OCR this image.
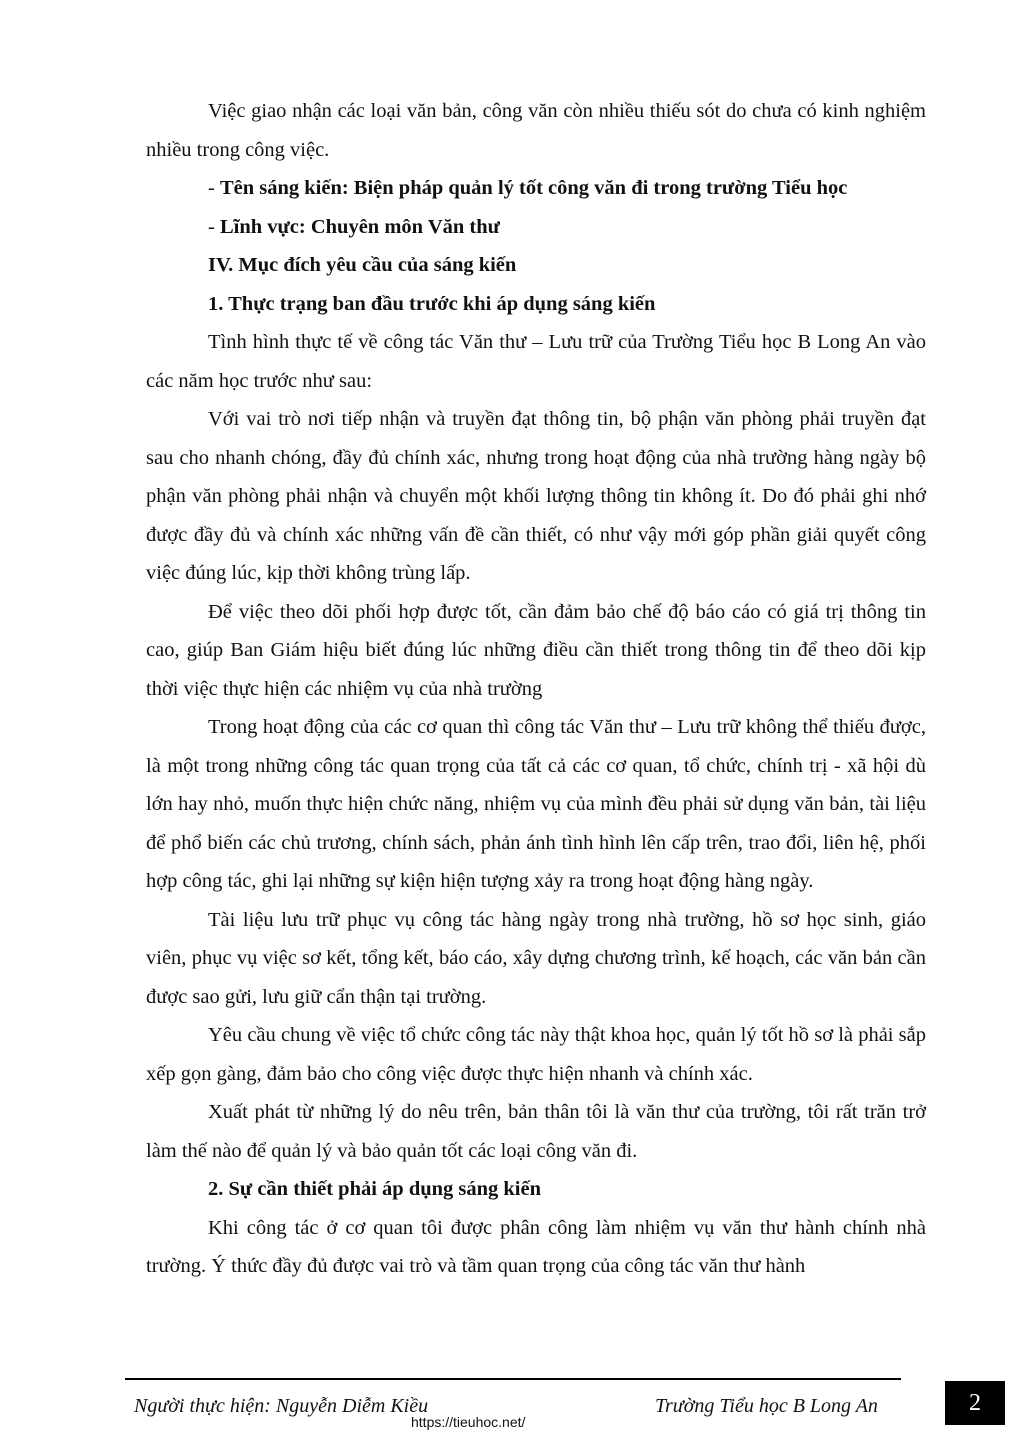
Việc giao nhận các loại văn bản, công văn còn nhiều thiếu sót do chưa có kinh nghiệm nhiều trong công việc.

- Tên sáng kiến: Biện pháp quản lý tốt công văn đi trong trường Tiểu học

- Lĩnh vực: Chuyên môn Văn thư

IV. Mục đích yêu cầu của sáng kiến

1. Thực trạng ban đầu trước khi áp dụng sáng kiến

Tình hình thực tế về công tác Văn thư – Lưu trữ của Trường Tiểu học B Long An vào các năm học trước như sau:

Với vai trò nơi tiếp nhận và truyền đạt thông tin, bộ phận văn phòng phải truyền đạt sau cho nhanh chóng, đầy đủ chính xác, nhưng trong hoạt động của nhà trường hàng ngày bộ phận văn phòng phải nhận và chuyển một khối lượng thông tin không ít. Do đó phải ghi nhớ được đầy đủ và chính xác những vấn đề cần thiết, có như vậy mới góp phần giải quyết công việc đúng lúc, kịp thời không trùng lấp.

Để việc theo dõi phối hợp được tốt, cần đảm bảo chế độ báo cáo có giá trị thông tin cao, giúp Ban Giám hiệu biết đúng lúc những điều cần thiết trong thông tin để theo dõi kịp thời việc thực hiện các nhiệm vụ của nhà trường

Trong hoạt động của các cơ quan thì công tác Văn thư – Lưu trữ không thể thiếu được, là một trong những công tác quan trọng của tất cả các cơ quan, tổ chức, chính trị - xã hội dù lớn hay nhỏ, muốn thực hiện chức năng, nhiệm vụ của mình đều phải sử dụng văn bản, tài liệu để phổ biến các chủ trương, chính sách, phản ánh tình hình lên cấp trên, trao đổi, liên hệ, phối hợp công tác, ghi lại những sự kiện hiện tượng xảy ra trong hoạt động hàng ngày.

Tài liệu lưu trữ phục vụ công tác hàng ngày trong nhà trường, hồ sơ học sinh, giáo viên, phục vụ việc sơ kết, tổng kết, báo cáo, xây dựng chương trình, kế hoạch, các văn bản cần được sao gửi, lưu giữ cẩn thận tại trường.

Yêu cầu chung về việc tổ chức công tác này thật khoa học, quản lý tốt hồ sơ là phải sắp xếp gọn gàng, đảm bảo cho công việc được thực hiện nhanh và chính xác.

Xuất phát từ những lý do nêu trên, bản thân tôi là văn thư của trường, tôi rất trăn trở làm thế nào để quản lý và bảo quản tốt các loại công văn đi.

2. Sự cần thiết phải áp dụng sáng kiến

Khi công tác ở cơ quan tôi được phân công làm nhiệm vụ văn thư hành chính nhà trường. Ý thức đầy đủ được vai trò và tầm quan trọng của công tác văn thư hành

Người thực hiện: Nguyễn Diễm Kiều
https://tieuhoc.net/
Trường Tiểu học B Long An	2
